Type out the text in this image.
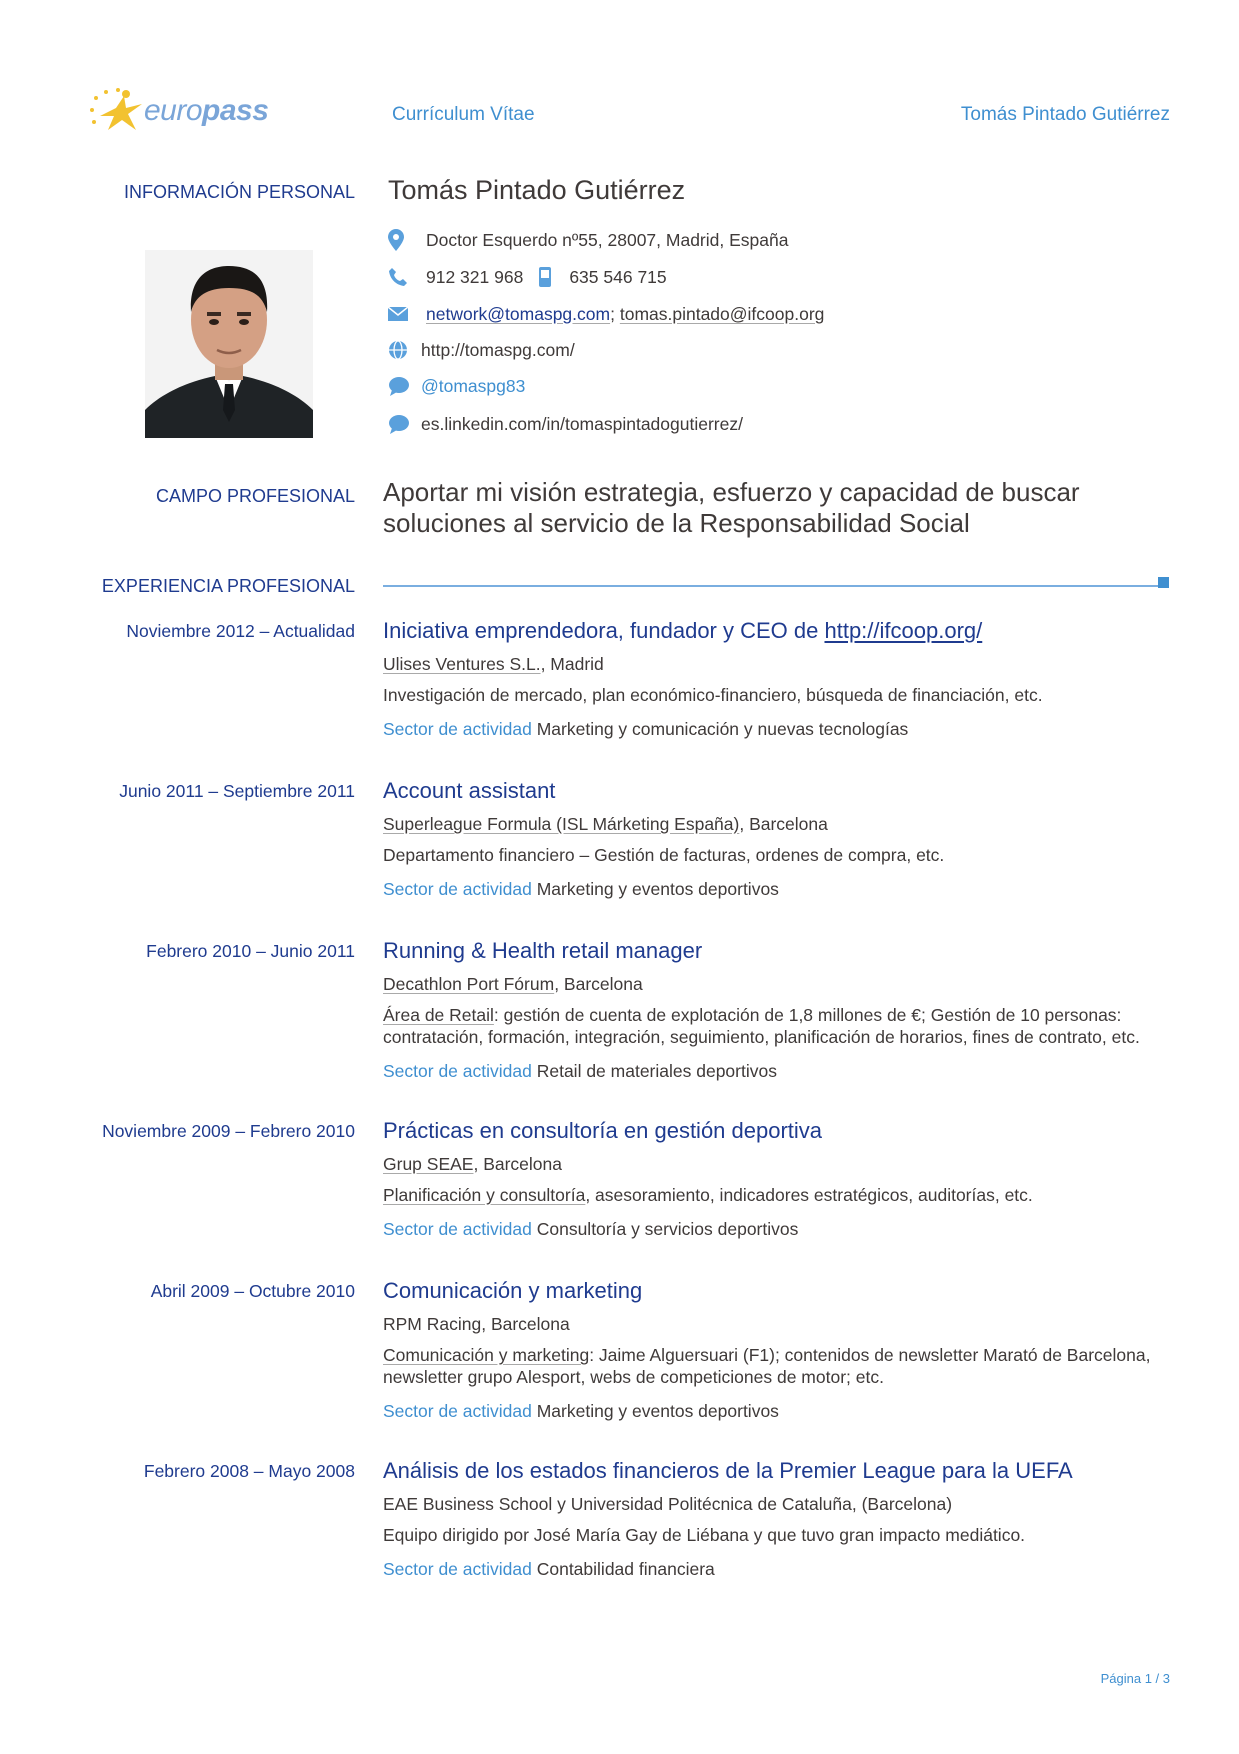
europass	Currículum Vítae	Tomás Pintado Gutiérrez
INFORMACIÓN PERSONAL Tomás Pintado Gutiérrez
Doctor Esquerdo nº55, 28007, Madrid, España
912 321 968	635 546 715
network@tomaspg.com ;
tomas.pintado@ifcoop.org
http://tomaspg.com/
@tomaspg83
es.linkedin.com/in/tomaspintadogutierrez/
CAMPO PROFESIONAL Aportar mi visión estrategia, esfuerzo y capacidad de buscar
soluciones al servicio de la Responsabilidad Social
EXPERIENCIA PROFESIONAL
Noviembre 2012 – Actualidad Iniciativa emprendedora, fundador y CEO de http://ifcoop.org/
Ulises Ventures S.L., Madrid
Investigación de mercado, plan económico-financiero, búsqueda de financiación, etc.
Sector de actividad Marketing y comunicación y nuevas tecnologías
Junio 2011 – Septiembre 2011 Account assistant
Superleague Formula (ISL Márketing España), Barcelona
Departamento financiero – Gestión de facturas, ordenes de compra, etc.
Sector de actividad Marketing y eventos deportivos
Febrero 2010 – Junio 2011 Running & Health retail manager
Decathlon Port Fórum, Barcelona
Área de Retail: gestión de cuenta de explotación de 1,8 millones de €; Gestión de 10 personas:
contratación, formación, integración, seguimiento, planificación de horarios, fines de contrato, etc.
Sector de actividad Retail de materiales deportivos
Noviembre 2009 – Febrero 2010 Prácticas en consultoría en gestión deportiva
Grup SEAE, Barcelona
Planificación y consultoría, asesoramiento, indicadores estratégicos, auditorías, etc.
Sector de actividad Consultoría y servicios deportivos
Abril 2009 – Octubre 2010 Comunicación y marketing
RPM Racing, Barcelona
Comunicación y marketing: Jaime Alguersuari (F1); contenidos de newsletter Marató de Barcelona,
newsletter grupo Alesport, webs de competiciones de motor; etc.
Sector de actividad Marketing y eventos deportivos
Febrero 2008 – Mayo 2008 Análisis de los estados financieros de la Premier League para la UEFA
EAE Business School y Universidad Politécnica de Cataluña, (Barcelona)
Equipo dirigido por José María Gay de Liébana y que tuvo gran impacto mediático.
Sector de actividad Contabilidad financiera
Página 1 / 3
